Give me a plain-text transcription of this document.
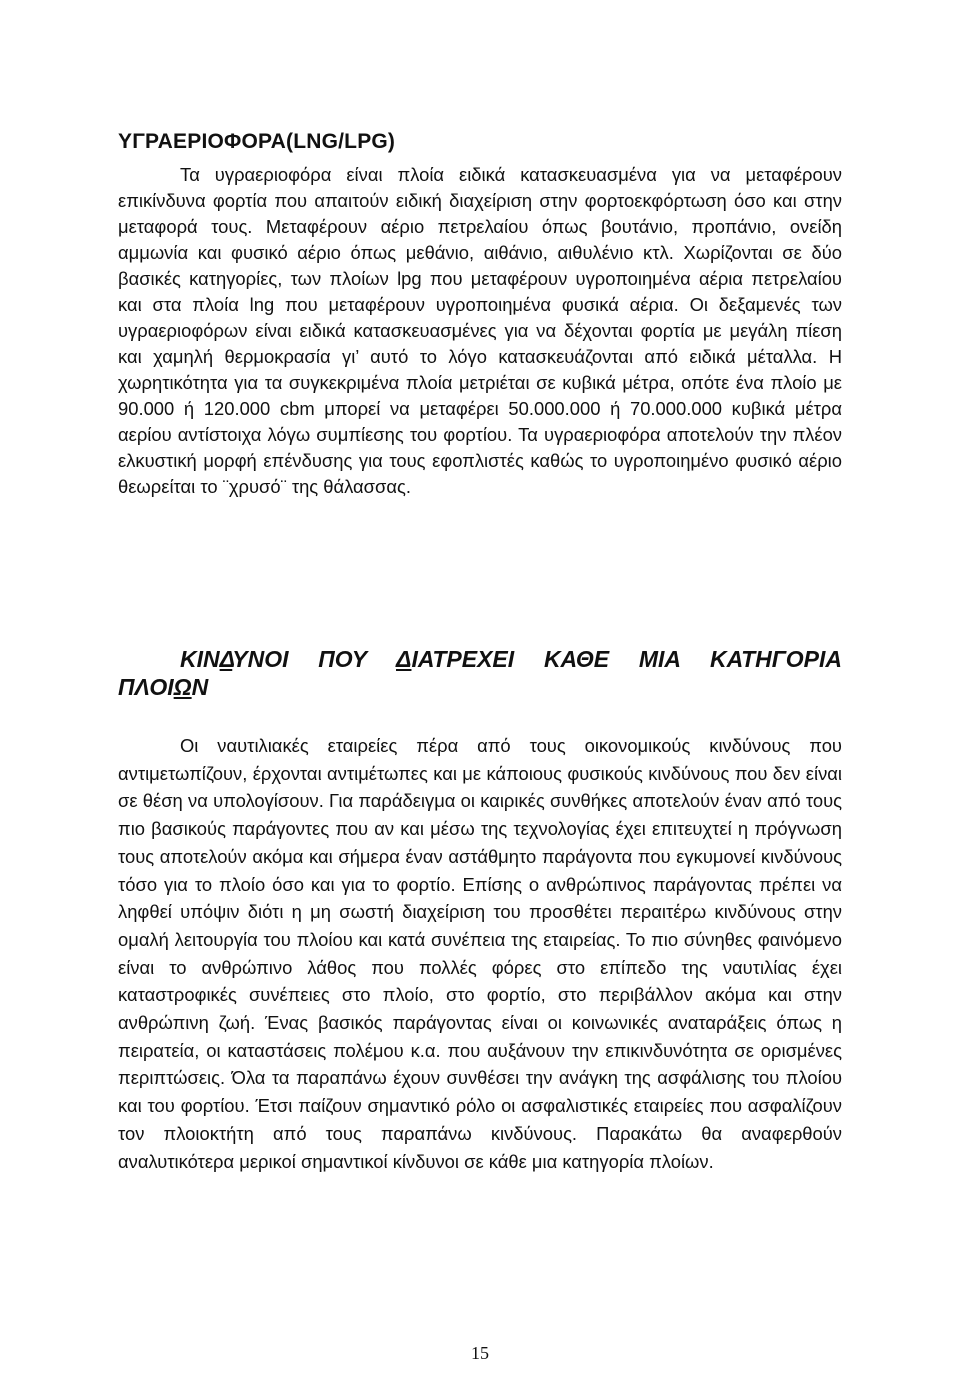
ΥΓΡΑΕΡΙΟΦΟΡΑ(LNG/LPG)

Τα υγραεριοφόρα είναι πλοία ειδικά κατασκευασμένα για να μεταφέρουν επικίνδυνα φορτία που απαιτούν ειδική διαχείριση στην φορτοεκφόρτωση όσο και στην μεταφορά τους. Μεταφέρουν αέριο πετρελαίου όπως βουτάνιο, προπάνιο, ονείδη αμμωνία και φυσικό αέριο όπως μεθάνιο, αιθάνιο, αιθυλένιο κτλ. Χωρίζονται σε δύο βασικές κατηγορίες, των πλοίων lpg που μεταφέρουν υγροποιημένα αέρια πετρελαίου και στα πλοία lng που μεταφέρουν υγροποιημένα φυσικά αέρια. Οι δεξαμενές των υγραεριοφόρων είναι ειδικά κατασκευασμένες για να δέχονται φορτία με μεγάλη πίεση και χαμηλή θερμοκρασία γι’ αυτό το λόγο κατασκευάζονται από ειδικά μέταλλα. Η χωρητικότητα για τα συγκεκριμένα πλοία μετριέται σε κυβικά μέτρα, οπότε ένα πλοίο με 90.000 ή 120.000 cbm μπορεί να μεταφέρει 50.000.000 ή 70.000.000 κυβικά μέτρα αερίου αντίστοιχα λόγω συμπίεσης του φορτίου. Τα υγραεριοφόρα αποτελούν την πλέον ελκυστική μορφή επένδυσης για τους εφοπλιστές καθώς το υγροποιημένο φυσικό αέριο θεωρείται το ¨χρυσό¨ της θάλασσας.

ΚΙΝΔΥΝΟΙ ΠΟΥ ΔΙΑΤΡΕΧΕΙ ΚΑΘΕ ΜΙΑ ΚΑΤΗΓΟΡΙΑ
ΠΛΟΙΩΝ

Οι ναυτιλιακές εταιρείες πέρα από τους οικονομικούς κινδύνους που αντιμετωπίζουν, έρχονται αντιμέτωπες και με κάποιους φυσικούς κινδύνους που δεν είναι σε θέση να υπολογίσουν. Για παράδειγμα οι καιρικές συνθήκες αποτελούν έναν από τους πιο βασικούς παράγοντες που αν και μέσω της τεχνολογίας έχει επιτευχτεί η πρόγνωση τους αποτελούν ακόμα και σήμερα έναν αστάθμητο παράγοντα που εγκυμονεί κινδύνους τόσο για το πλοίο όσο και για το φορτίο. Επίσης ο ανθρώπινος παράγοντας πρέπει να ληφθεί υπόψιν διότι η μη σωστή διαχείριση του προσθέτει περαιτέρω κινδύνους στην ομαλή λειτουργία του πλοίου και κατά συνέπεια της εταιρείας. Το πιο σύνηθες φαινόμενο είναι το ανθρώπινο λάθος που πολλές φόρες στο επίπεδο της ναυτιλίας έχει καταστροφικές συνέπειες στο πλοίο, στο φορτίο, στο περιβάλλον ακόμα και στην ανθρώπινη ζωή. Ένας βασικός παράγοντας είναι οι κοινωνικές αναταράξεις όπως η πειρατεία, οι καταστάσεις πολέμου κ.α. που αυξάνουν την επικινδυνότητα σε ορισμένες περιπτώσεις. Όλα τα παραπάνω έχουν συνθέσει την ανάγκη της ασφάλισης του πλοίου και του φορτίου. Έτσι παίζουν σημαντικό ρόλο οι ασφαλιστικές εταιρείες που ασφαλίζουν τον πλοιοκτήτη από τους παραπάνω κινδύνους. Παρακάτω θα αναφερθούν αναλυτικότερα μερικοί σημαντικοί κίνδυνοι σε κάθε μια κατηγορία πλοίων.

15
